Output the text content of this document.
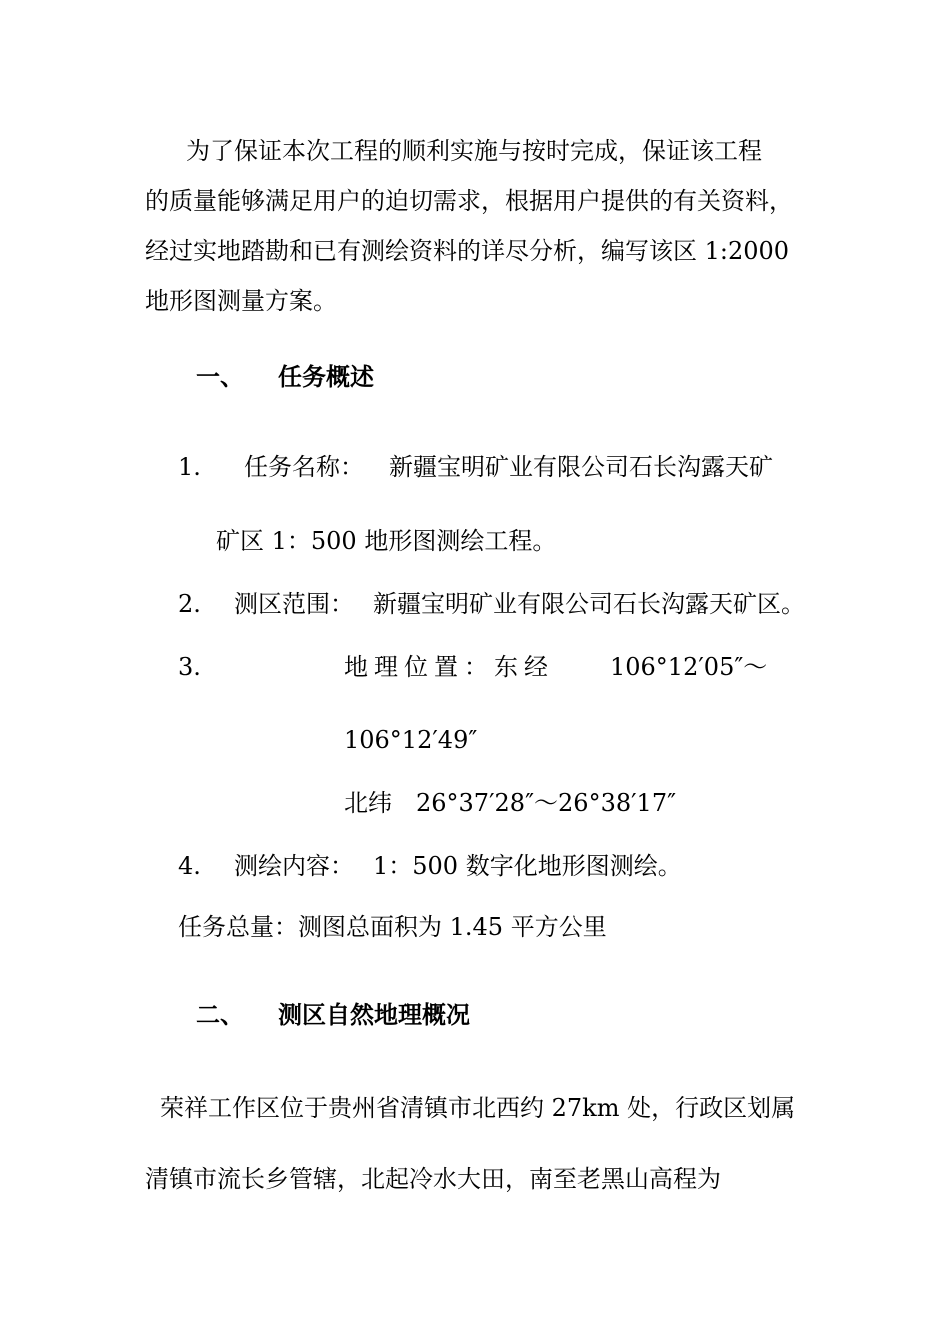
为了保证本次工程的顺利实施与按时完成，保证该工程
的质量能够满足用户的迫切需求，根据用户提供的有关资料，
经过实地踏勘和已有测绘资料的详尽分析，编写该区 1:2000
地形图测量方案。
一、 任务概述
1. 任务名称： 新疆宝明矿业有限公司石长沟露天矿
矿区 1：500 地形图测绘工程。
2. 测区范围： 新疆宝明矿业有限公司石长沟露天矿区。
3.	地理位置：东经 106°12′05″～
106°12′49″
北纬　26°37′28″～26°38′17″
4. 测绘内容： 1：500 数字化地形图测绘。
任务总量：测图总面积为 1.45 平方公里
二、 测区自然地理概况
荣祥工作区位于贵州省清镇市北西约 27km 处，行政区划属
清镇市流长乡管辖，北起冷水大田，南至老黑山高程为
